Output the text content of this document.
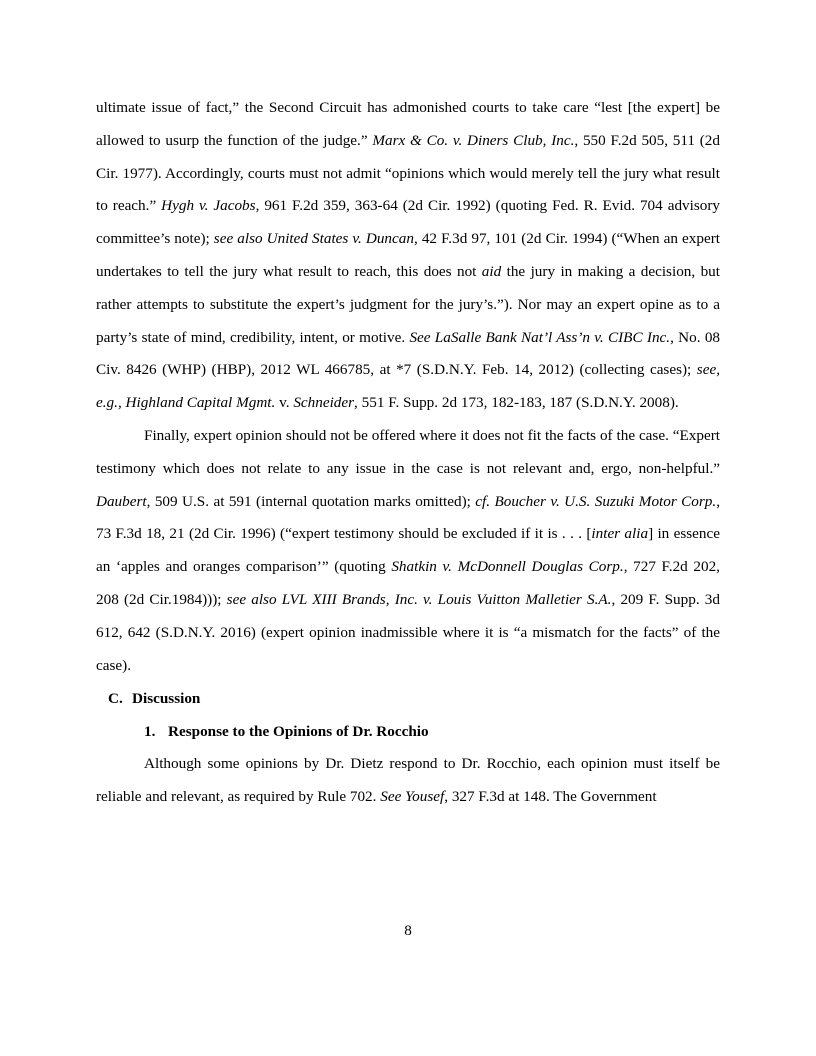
ultimate issue of fact,” the Second Circuit has admonished courts to take care “lest [the expert] be allowed to usurp the function of the judge.” Marx & Co. v. Diners Club, Inc., 550 F.2d 505, 511 (2d Cir. 1977). Accordingly, courts must not admit “opinions which would merely tell the jury what result to reach.” Hygh v. Jacobs, 961 F.2d 359, 363-64 (2d Cir. 1992) (quoting Fed. R. Evid. 704 advisory committee’s note); see also United States v. Duncan, 42 F.3d 97, 101 (2d Cir. 1994) (“When an expert undertakes to tell the jury what result to reach, this does not aid the jury in making a decision, but rather attempts to substitute the expert’s judgment for the jury’s.”). Nor may an expert opine as to a party’s state of mind, credibility, intent, or motive. See LaSalle Bank Nat’l Ass’n v. CIBC Inc., No. 08 Civ. 8426 (WHP) (HBP), 2012 WL 466785, at *7 (S.D.N.Y. Feb. 14, 2012) (collecting cases); see, e.g., Highland Capital Mgmt. v. Schneider, 551 F. Supp. 2d 173, 182-183, 187 (S.D.N.Y. 2008).

Finally, expert opinion should not be offered where it does not fit the facts of the case. “Expert testimony which does not relate to any issue in the case is not relevant and, ergo, non-helpful.” Daubert, 509 U.S. at 591 (internal quotation marks omitted); cf. Boucher v. U.S. Suzuki Motor Corp., 73 F.3d 18, 21 (2d Cir. 1996) (“expert testimony should be excluded if it is . . . [inter alia] in essence an ‘apples and oranges comparison’” (quoting Shatkin v. McDonnell Douglas Corp., 727 F.2d 202, 208 (2d Cir.1984))); see also LVL XIII Brands, Inc. v. Louis Vuitton Malletier S.A., 209 F. Supp. 3d 612, 642 (S.D.N.Y. 2016) (expert opinion inadmissible where it is “a mismatch for the facts” of the case).

C. Discussion

1. Response to the Opinions of Dr. Rocchio

Although some opinions by Dr. Dietz respond to Dr. Rocchio, each opinion must itself be reliable and relevant, as required by Rule 702. See Yousef, 327 F.3d at 148. The Government

8
